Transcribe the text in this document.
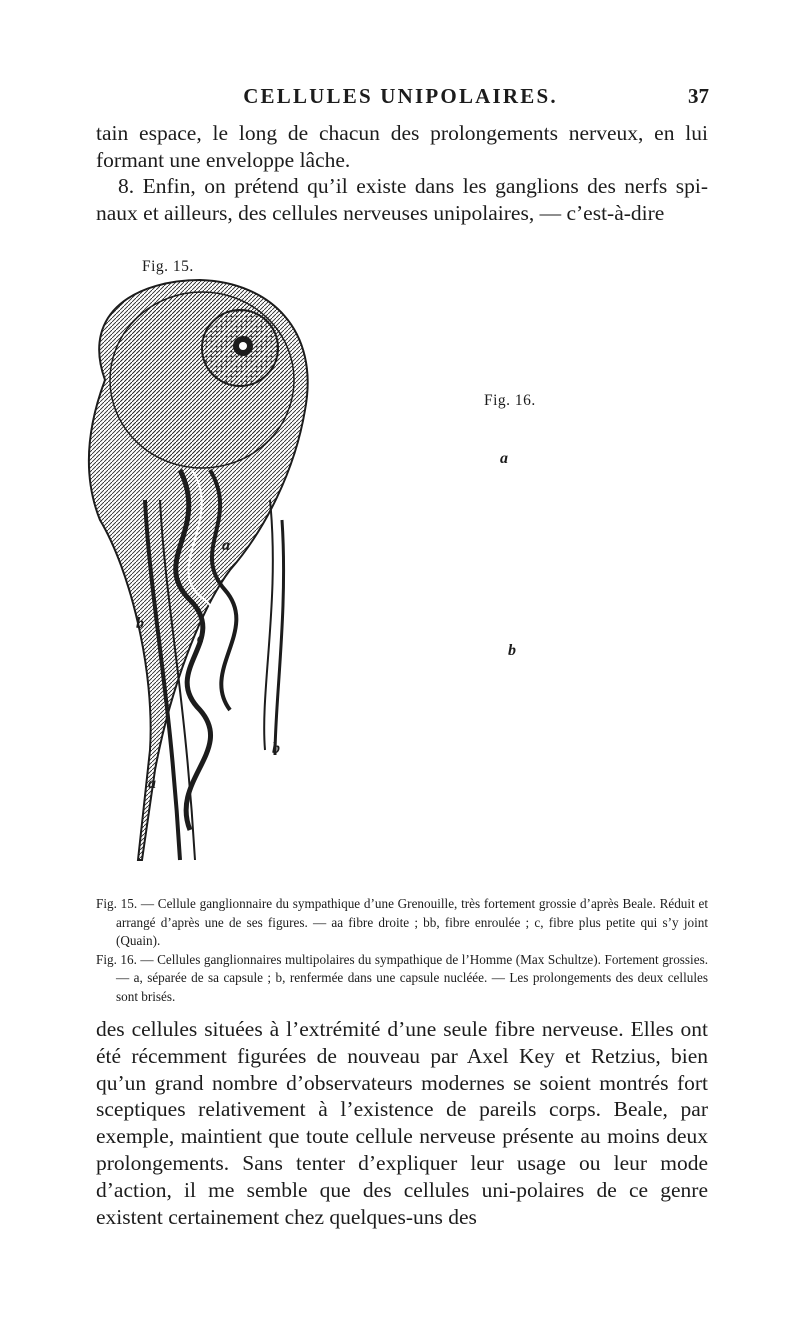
CELLULES UNIPOLAIRES.	37

tain espace, le long de chacun des prolongements nerveux, en lui formant une enveloppe lâche.

8. Enfin, on prétend qu’il existe dans les ganglions des nerfs spi-naux et ailleurs, des cellules nerveuses unipolaires, — c’est-à-dire

Fig. 15.
Fig. 16.
a
b
c
b
a
a
b

Fig. 15. — Cellule ganglionnaire du sympathique d’une Grenouille, très fortement grossie d’après Beale. Réduit et arrangé d’après une de ses figures. — aa fibre droite ; bb, fibre enroulée ; c, fibre plus petite qui s’y joint (Quain).

Fig. 16. — Cellules ganglionnaires multipolaires du sympathique de l’Homme (Max Schultze). Fortement grossies. — a, séparée de sa capsule ; b, renfermée dans une capsule nucléée. — Les prolongements des deux cellules sont brisés.

des cellules situées à l’extrémité d’une seule fibre nerveuse. Elles ont été récemment figurées de nouveau par Axel Key et Retzius, bien qu’un grand nombre d’observateurs modernes se soient montrés fort sceptiques relativement à l’existence de pareils corps. Beale, par exemple, maintient que toute cellule nerveuse présente au moins deux prolongements. Sans tenter d’expliquer leur usage ou leur mode d’action, il me semble que des cellules uni-polaires de ce genre existent certainement chez quelques-uns des
